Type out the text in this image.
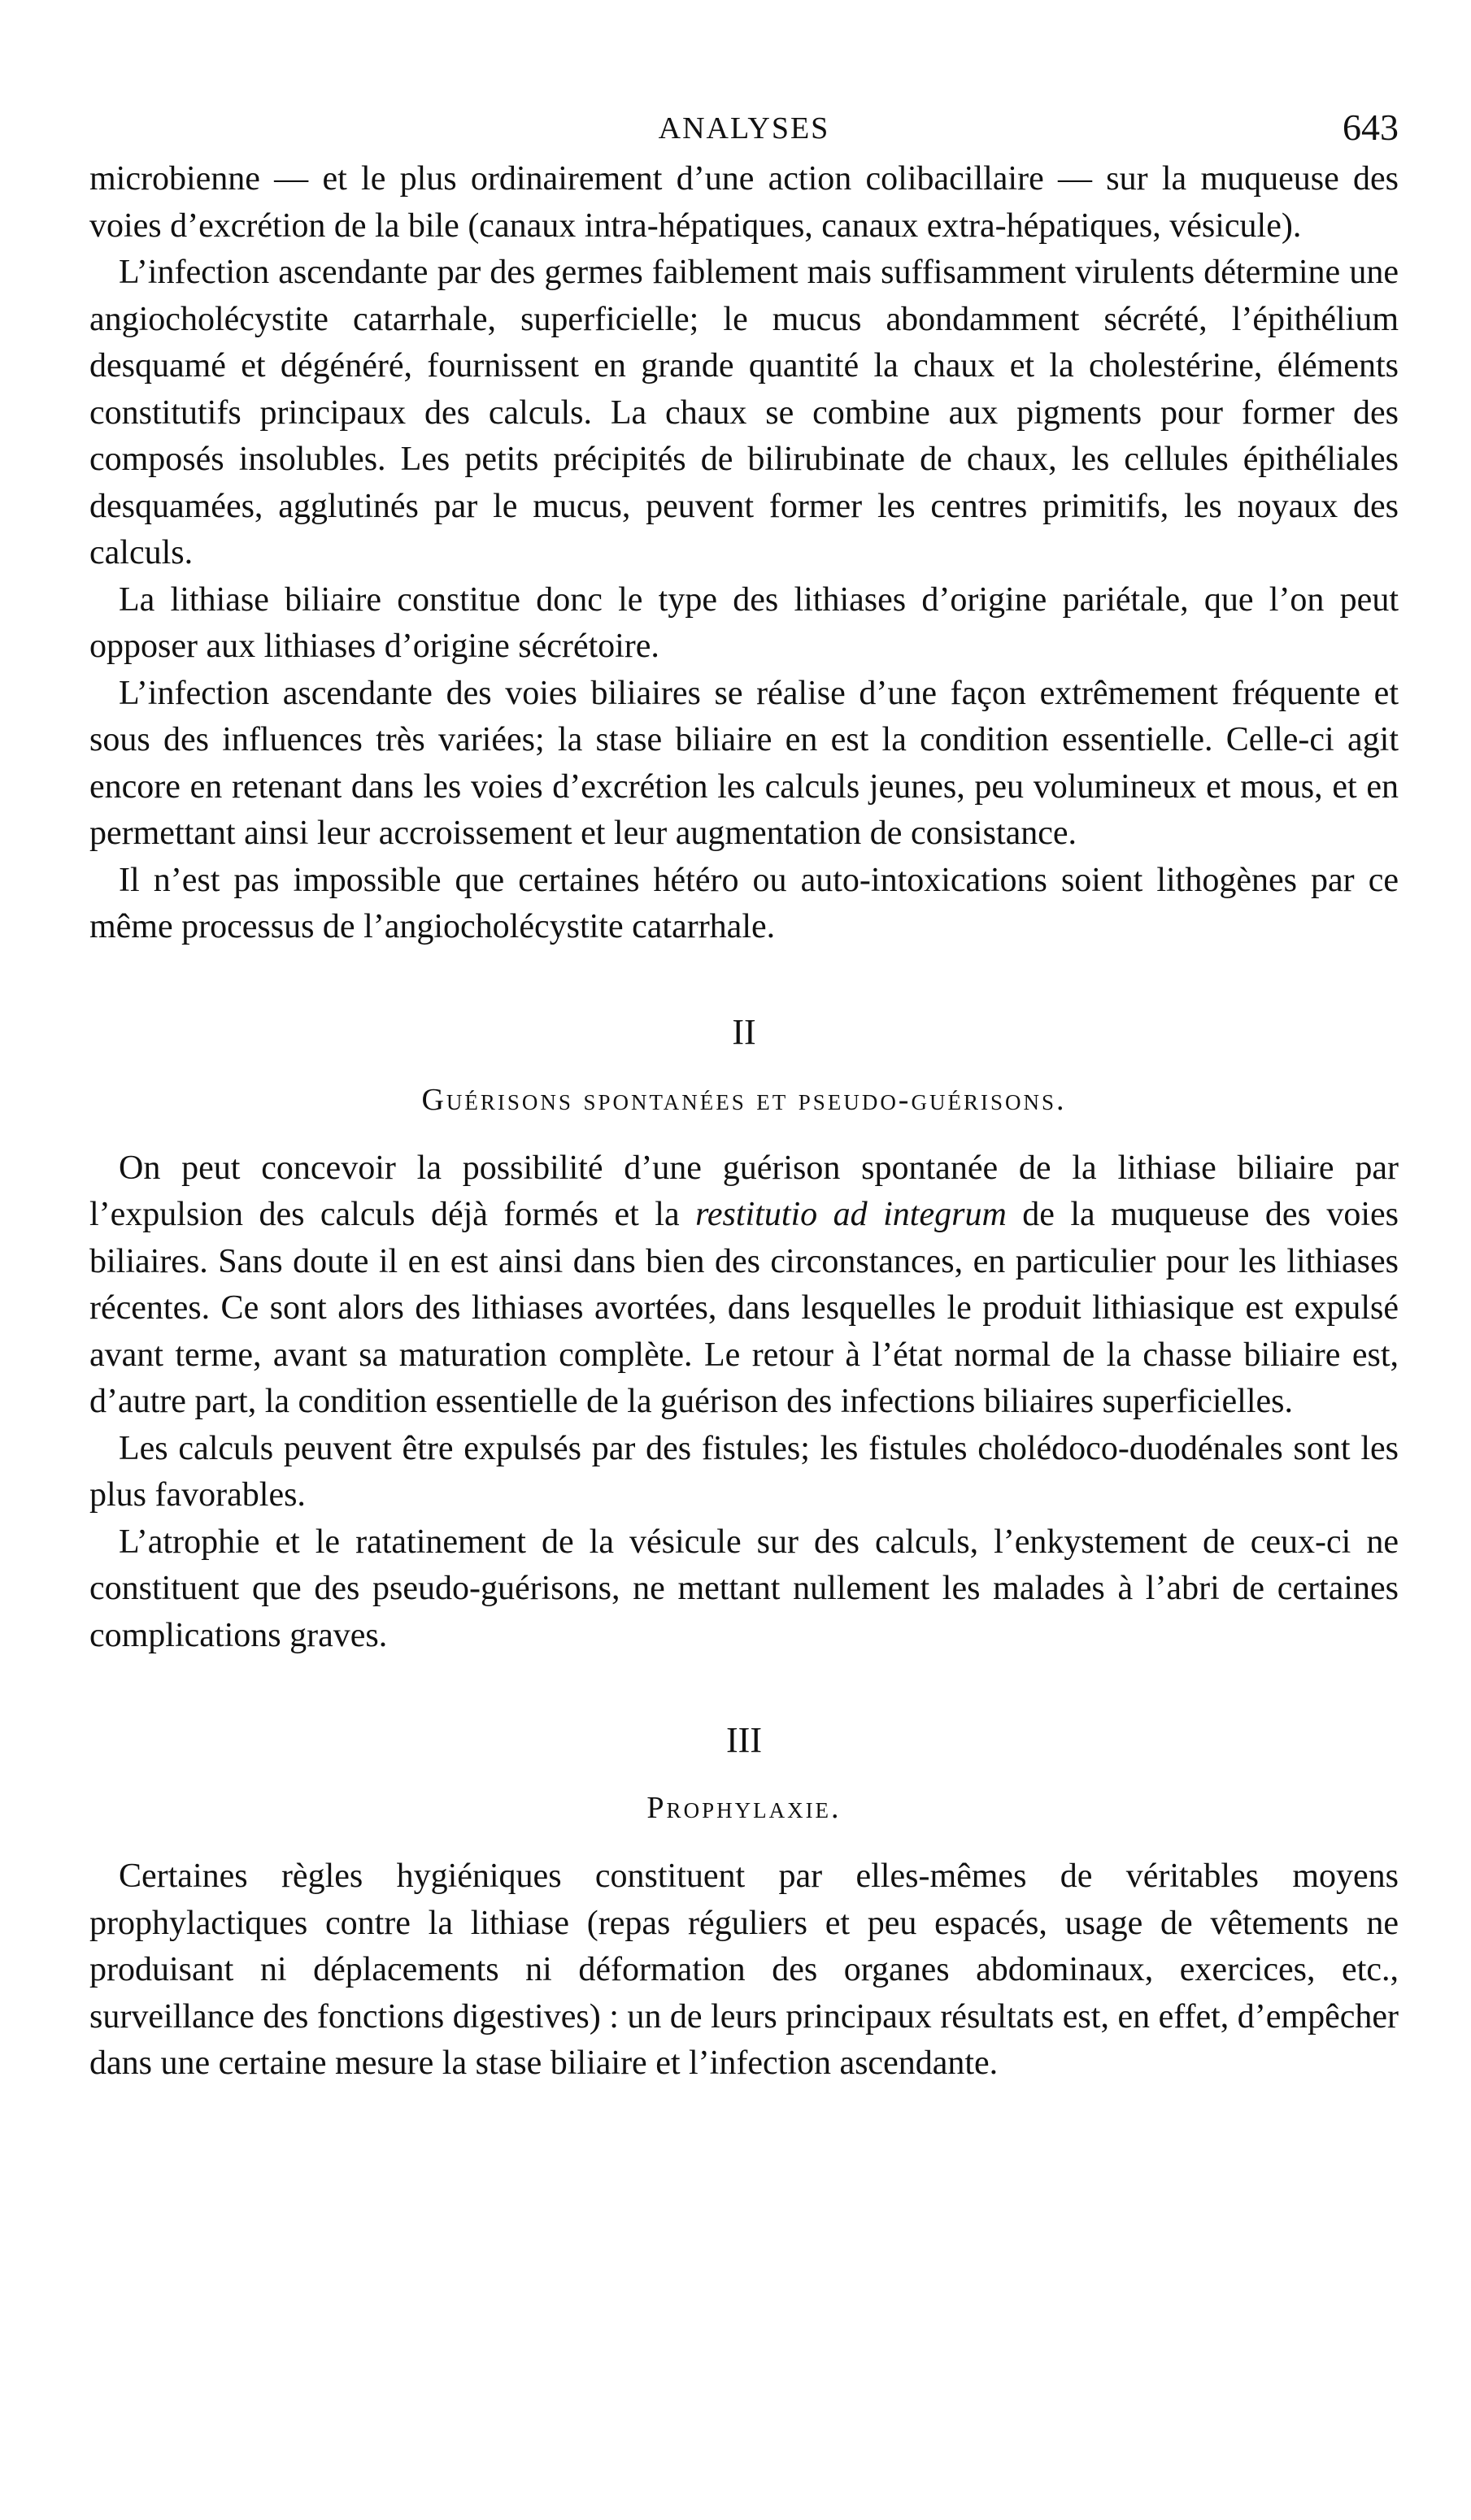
ANALYSES	643

microbienne — et le plus ordinairement d’une action colibacillaire — sur la muqueuse des voies d’excrétion de la bile (canaux intra-hépatiques, canaux extra-hépatiques, vésicule).

L’infection ascendante par des germes faiblement mais suffisamment virulents détermine une angiocholécystite catarrhale, superficielle; le mucus abondamment sécrété, l’épithélium desquamé et dégénéré, fournissent en grande quantité la chaux et la cholestérine, éléments constitutifs principaux des calculs. La chaux se combine aux pigments pour former des composés insolubles. Les petits précipités de bilirubinate de chaux, les cellules épithéliales desquamées, agglutinés par le mucus, peuvent former les centres primitifs, les noyaux des calculs.

La lithiase biliaire constitue donc le type des lithiases d’origine pariétale, que l’on peut opposer aux lithiases d’origine sécrétoire.

L’infection ascendante des voies biliaires se réalise d’une façon extrêmement fréquente et sous des influences très variées; la stase biliaire en est la condition essentielle. Celle-ci agit encore en retenant dans les voies d’excrétion les calculs jeunes, peu volumineux et mous, et en permettant ainsi leur accroissement et leur augmentation de consistance.

Il n’est pas impossible que certaines hétéro ou auto-intoxications soient lithogènes par ce même processus de l’angiocholécystite catarrhale.

II
Guérisons spontanées et pseudo-guérisons.

On peut concevoir la possibilité d’une guérison spontanée de la lithiase biliaire par l’expulsion des calculs déjà formés et la restitutio ad integrum de la muqueuse des voies biliaires. Sans doute il en est ainsi dans bien des circonstances, en particulier pour les lithiases récentes. Ce sont alors des lithiases avortées, dans lesquelles le produit lithiasique est expulsé avant terme, avant sa maturation complète. Le retour à l’état normal de la chasse biliaire est, d’autre part, la condition essentielle de la guérison des infections biliaires superficielles.

Les calculs peuvent être expulsés par des fistules; les fistules cholédoco-duodénales sont les plus favorables.

L’atrophie et le ratatinement de la vésicule sur des calculs, l’enkystement de ceux-ci ne constituent que des pseudo-guérisons, ne mettant nullement les malades à l’abri de certaines complications graves.

III
Prophylaxie.

Certaines règles hygiéniques constituent par elles-mêmes de véritables moyens prophylactiques contre la lithiase (repas réguliers et peu espacés, usage de vêtements ne produisant ni déplacements ni déformation des organes abdominaux, exercices, etc., surveillance des fonctions digestives) : un de leurs principaux résultats est, en effet, d’empêcher dans une certaine mesure la stase biliaire et l’infection ascendante.
